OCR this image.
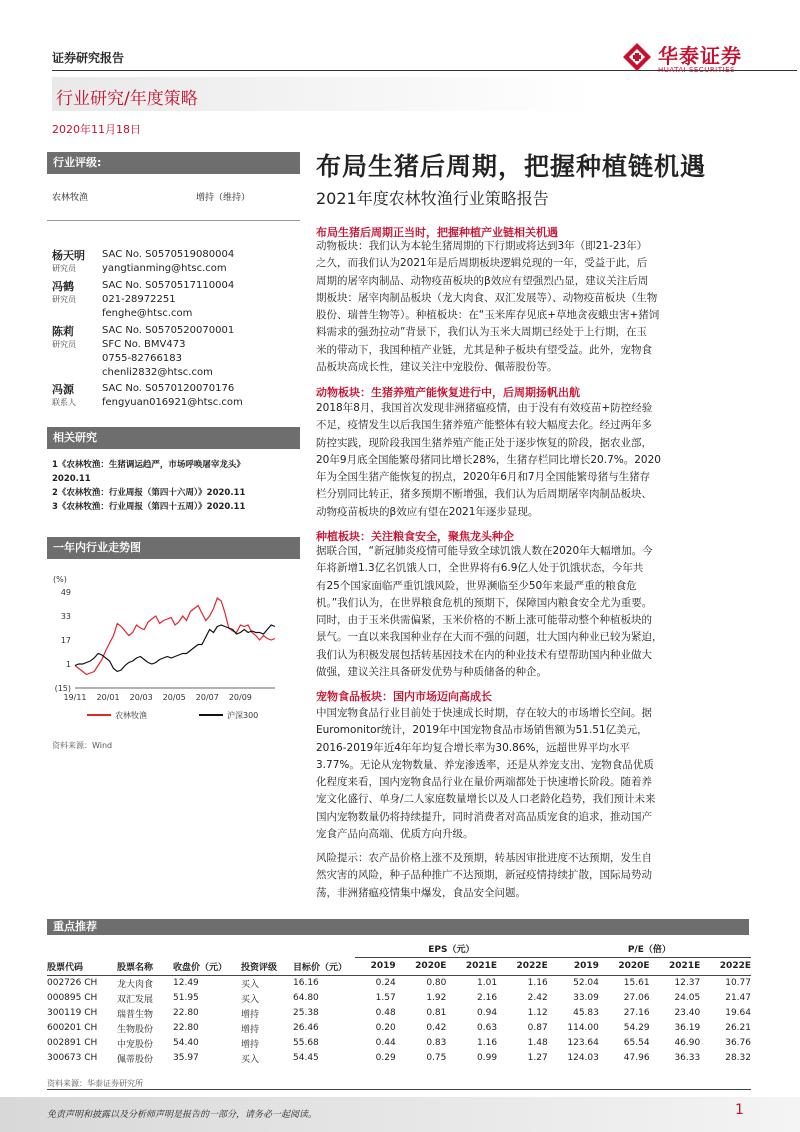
证券研究报告
行业研究/年度策略
2020年11月18日
华泰证券
HUATAI SECURITIES
行业评级:
农林牧渔	增持（维持）
杨天明
研究员
SAC No. S0570519080004
yangtianming@htsc.com
冯鹤
研究员
SAC No. S0570517110004
021-28972251
fenghe@htsc.com
陈莉
研究员
SAC No. S0570520070001
SFC No. BMV473
0755-82766183
chenli2832@htsc.com
冯源
联系人
SAC No. S0570120070176
fengyuan016921@htsc.com
相关研究
1《农林牧渔：生猪调运趋严，市场呼唤屠宰龙头》
2020.11
2《农林牧渔：行业周报（第四十六周）》2020.11
3《农林牧渔：行业周报（第四十五周）》2020.11
一年内行业走势图
(%)
49
33
17
1
(15)
19/11 20/01 20/03 20/05 20/07 20/09
农林牧渔	沪深300
资料来源：Wind
布局生猪后周期，把握种植链机遇
2021年度农林牧渔行业策略报告
布局生猪后周期正当时，把握种植产业链相关机遇
动物板块：我们认为本轮生猪周期的下行期或将达到3年（即21-23年）
之久，而我们认为2021年是后周期板块逻辑兑现的一年，受益于此，后
周期的屠宰肉制品、动物疫苗板块的β效应有望强烈凸显，建议关注后周
期板块：屠宰肉制品板块（龙大肉食、双汇发展等）、动物疫苗板块（生物
股份、瑞普生物等）。种植板块：在“玉米库存见底+草地贪夜蛾虫害+猪饲
料需求的强劲拉动”背景下，我们认为玉米大周期已经处于上行期，在玉
米的带动下，我国种植产业链，尤其是种子板块有望受益。此外，宠物食
品板块高成长性，建议关注中宠股份、佩蒂股份等。
动物板块：生猪养殖产能恢复进行中，后周期扬帆出航
2018年8月，我国首次发现非洲猪瘟疫情，由于没有有效疫苗+防控经验
不足，疫情发生以后我国生猪养殖产能整体有较大幅度去化。经过两年多
防控实践，现阶段我国生猪养殖产能正处于逐步恢复的阶段，据农业部，
20年9月底全国能繁母猪同比增长28%，生猪存栏同比增长20.7%。2020
年为全国生猪产能恢复的拐点，2020年6月和7月全国能繁母猪与生猪存
栏分别同比转正，猪多预期不断增强，我们认为后周期屠宰肉制品板块、
动物疫苗板块的β效应有望在2021年逐步显现。
种植板块：关注粮食安全，聚焦龙头种企
据联合国，“新冠肺炎疫情可能导致全球饥饿人数在2020年大幅增加。今
年将新增1.3亿名饥饿人口，全世界将有6.9亿人处于饥饿状态，今年共
有25个国家面临严重饥饿风险，世界濒临至少50年来最严重的粮食危
机。”我们认为，在世界粮食危机的预期下，保障国内粮食安全尤为重要。
同时，由于玉米供需偏紧，玉米价格的不断上涨可能带动整个种植板块的
景气。一直以来我国种业存在大而不强的问题，壮大国内种业已较为紧迫，
我们认为积极发展包括转基因技术在内的种业技术有望帮助国内种业做大
做强，建议关注具备研发优势与种质储备的种企。
宠物食品板块：国内市场迈向高成长
中国宠物食品行业目前处于快速成长时期，存在较大的市场增长空间。据
Euromonitor统计，2019年中国宠物食品市场销售额为51.51亿美元，
2016-2019年近4年年均复合增长率为30.86%，远超世界平均水平
3.77%。无论从宠物数量、养宠渗透率，还是从养宠支出、宠物食品优质
化程度来看，国内宠物食品行业在量价两端都处于快速增长阶段。随着养
宠文化盛行、单身/二人家庭数量增长以及人口老龄化趋势，我们预计未来
国内宠物数量仍将持续提升，同时消费者对高品质宠食的追求，推动国产
宠食产品向高端、优质方向升级。
风险提示：农产品价格上涨不及预期，转基因审批进度不达预期，发生自
然灾害的风险，种子品种推广不达预期，新冠疫情持续扩散，国际局势动
荡，非洲猪瘟疫情集中爆发，食品安全问题。
重点推荐
					EPS（元）				P/E（倍）			
股票代码	股票名称	收盘价（元）	投资评级	目标价（元）	2019	2020E	2021E	2022E	2019	2020E	2021E	2022E
002726 CH	龙大肉食	12.49	买入	16.16	0.24	0.80	1.01	1.16	52.04	15.61	12.37	10.77
000895 CH	双汇发展	51.95	买入	64.80	1.57	1.92	2.16	2.42	33.09	27.06	24.05	21.47
300119 CH	瑞普生物	22.80	增持	25.38	0.48	0.81	0.94	1.12	45.83	27.16	23.40	19.64
600201 CH	生物股份	22.80	增持	26.46	0.20	0.42	0.63	0.87	114.00	54.29	36.19	26.21
002891 CH	中宠股份	54.40	增持	55.68	0.44	0.83	1.16	1.48	123.64	65.54	46.90	36.76
300673 CH	佩蒂股份	35.97	买入	54.45	0.29	0.75	0.99	1.27	124.03	47.96	36.33	28.32
资料来源：华泰证券研究所
免责声明和披露以及分析师声明是报告的一部分，请务必一起阅读。	1
